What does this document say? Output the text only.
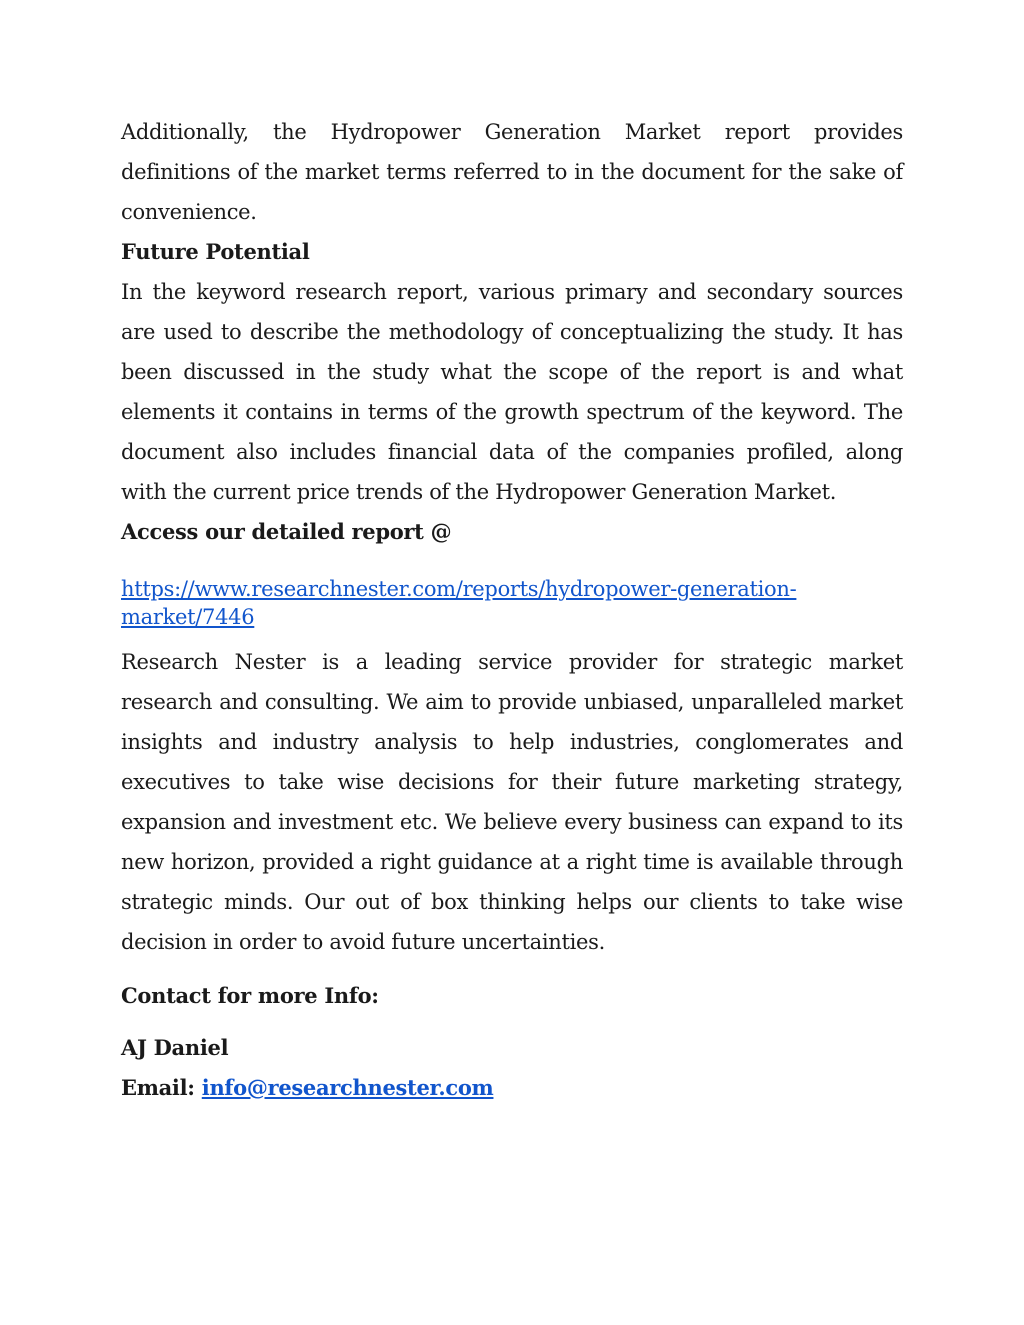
Additionally, the Hydropower Generation Market report provides definitions of the market terms referred to in the document for the sake of convenience.

Future Potential

In the keyword research report, various primary and secondary sources are used to describe the methodology of conceptualizing the study. It has been discussed in the study what the scope of the report is and what elements it contains in terms of the growth spectrum of the keyword. The document also includes financial data of the companies profiled, along with the current price trends of the Hydropower Generation Market.

Access our detailed report @
https://www.researchnester.com/reports/hydropower-generation-
market/7446

Research Nester is a leading service provider for strategic market research and consulting. We aim to provide unbiased, unparalleled market insights and industry analysis to help industries, conglomerates and executives to take wise decisions for their future marketing strategy, expansion and investment etc. We believe every business can expand to its new horizon, provided a right guidance at a right time is available through strategic minds. Our out of box thinking helps our clients to take wise decision in order to avoid future uncertainties.

Contact for more Info:

AJ Daniel

Email: info@researchnester.com
